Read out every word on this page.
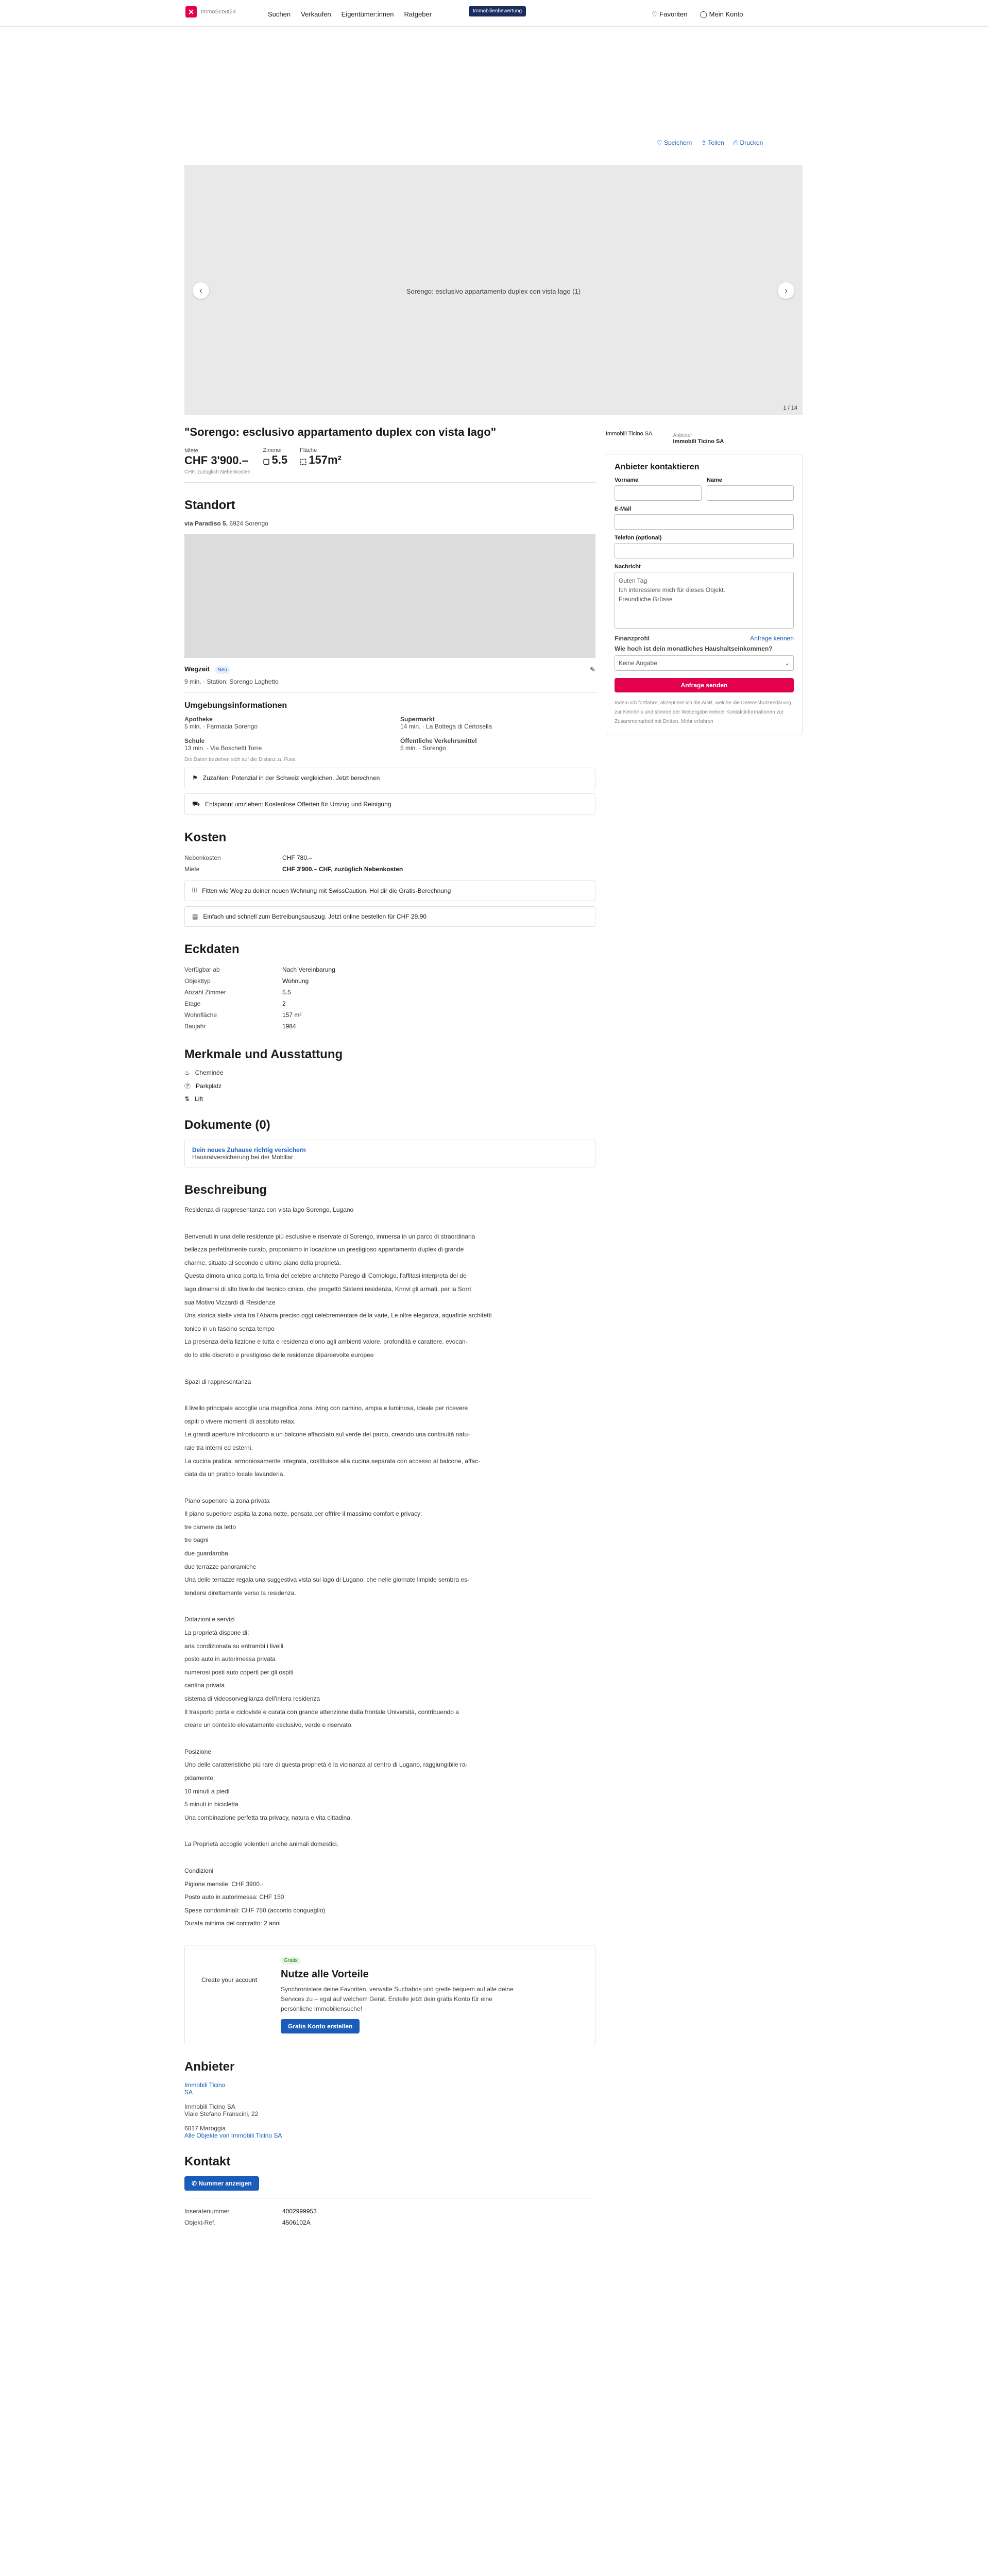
✕	ImmoScout24	Suchen Verkaufen Eigentümer:innen Ratgeber	Immobilienbewertung	♡ Favoriten ◯ Mein Konto
♡ Speichern ⇪ Teilen ⎙ Drucken
‹	Sorengo: esclusivo appartamento duplex con vista lago (1)	›
1 / 14
"Sorengo: esclusivo appartamento duplex con vista lago"
Miete
CHF 3'900.–
CHF, zuzüglich Nebenkosten
Zimmer
▢ 5.5
Fläche
⬚ 157m²
Standort
via Paradiso 5, 6924 Sorengo
Wegzeit Neu	✎
9 min. · Station: Sorengo Laghetto
Umgebungsinformationen
Apotheke
5 min. · Farmacia Sorengo
Supermarkt
14 min. · La Bottega di Certosella
Schule
13 min. · Via Boschetti Torre
Öffentliche Verkehrsmittel
5 min. · Sorengo
Die Daten beziehen sich auf die Distanz zu Fuss.
⚑ Zuzahlen: Potenzial in der Schweiz vergleichen. Jetzt berechnen
⛟ Entspannt umziehen: Kostenlose Offerten für Umzug und Reinigung
Kosten
Nebenkosten	CHF 780.–
Miete	CHF 3'900.– CHF, zuzüglich Nebenkosten
⚿ Fitten wie Weg zu deiner neuen Wohnung mit SwissCaution. Hol dir die Gratis-Berechnung
▤ Einfach und schnell zum Betreibungsauszug. Jetzt online bestellen für CHF 29.90
Eckdaten
Verfügbar ab	Nach Vereinbarung
Objekttyp	Wohnung
Anzahl Zimmer	5.5
Etage	2
Wohnfläche	157 m²
Baujahr	1984
Merkmale und Ausstattung
♨ Cheminée
Ⓟ Parkplatz
⇅ Lift
Dokumente (0)
Dein neues Zuhause richtig versichern
Hausratversicherung bei der Mobiliar
Beschreibung

Residenza di rappresentanza con vista lago Sorengo, Lugano

Benvenuti in una delle residenze più esclusive e riservate di Sorengo, immersa in un parco di straordinaria

bellezza perfettamente curato, proponiamo in locazione un prestigioso appartamento duplex di grande

charme, situato al secondo e ultimo piano della proprietà.

Questa dimora unica porta la firma del celebre architetto Parego di Comologo, l'affitasi interpreta dei de

lago dimensi di alto livello del tecnico cinico, che progettò Sistemi residenza, Knnvi gli armati, per la Sorri

sua Motivo Vizzardi di Residenze

Una storica stelle vista tra l'Abarra preciso oggi celebrementare della varie, Le oltre eleganza, aquaficie architetti

tonico in un fascino senza tempo

La presenza della lizzione e tutta e residenza elono agli ambienti valore, profondità e carattere, evocan-

do lo stile discreto e prestigioso delle residenze dipareevolte europee

Spazi di rappresentanza

Il livello principale accoglie una magnifica zona living con camino, ampia e luminosa, ideale per ricevere

ospiti o vivere momenti di assoluto relax.

Le grandi aperture introducono a un balcone affacciato sul verde del parco, creando una continuità natu-

rale tra interni ed esterni.

La cucina pratica, armoniosamente integrata, costituisce alla cucina separata con accesso al balcone, affac-

ciata da un pratico locale lavanderia.

Piano superiore la zona privata

Il piano superiore ospita la zona notte, pensata per offrire il massimo comfort e privacy:

tre camere da letto

tre bagni

due guardaroba

due terrazze panoramiche

Una delle terrazze regala una suggestiva vista sul lago di Lugano, che nelle giornate limpide sembra es-

tendersi direttamente verso la residenza.

Dotazioni e servizi

La proprietà dispone di:

aria condizionata su entrambi i livelli

posto auto in autorimessa privata

numerosi posti auto coperti per gli ospiti

cantina privata

sistema di videosorveglianza dell'intera residenza

Il trasporto porta e cicloviste e curata con grande attenzione dalla frontale Università, contribuendo a

creare un contesto elevatamente esclusivo, verde e riservato.

Posizione

Uno delle caratteristiche più rare di questa proprietà è la vicinanza al centro di Lugano, raggiungibile ra-

pidamente:

10 minuti a piedi

5 minuti in bicicletta

Una combinazione perfetta tra privacy, natura e vita cittadina.

La Proprietà accoglie volentieri anche animali domestici.

Condizioni

Pigione mensile: CHF 3900.-

Posto auto in autorimessa: CHF 150

Spese condominiali: CHF 750 (acconto conguaglio)

Durata minima del contratto: 2 anni

Create your account
Gratis
Nutze alle Vorteile
Synchronisiere deine Favoriten, verwalte Suchabos und greife bequem auf alle deine Services zu – egal auf welchem Gerät. Erstelle jetzt dein gratis Konto für eine persönliche Immobiliensuche!
Gratis Konto erstellen
Anbieter
Immobili Ticino
SA
Immobili Ticino SA
Viale Stefano Franscini, 22
6817 Maroggia
Alle Objekte von Immobili Ticino SA
Kontakt
✆ Nummer anzeigen
Inseratenummer	4002999953
Objekt-Ref.	4506102A
Immobili Ticino SA	Anbieter
Immobili Ticino SA
Anbieter kontaktieren
Vorname	Name
E-Mail
Telefon (optional)
Nachricht
Guten Tag
Ich interessiere mich für dieses Objekt.
Freundliche Grüsse
Finanzprofil	Anfrage kennen
Wie hoch ist dein monatliches Haushaltseinkommen?
Keine Angabe	⌄
Anfrage senden
Indem ich fortfahre, akzeptiere ich die AGB, welche die Datenschutzerklärung zur Kenntnis und stimme der Weitergabe meiner Kontaktinformationen zur Zusammenarbeit mit Dritten. Mehr erfahren
